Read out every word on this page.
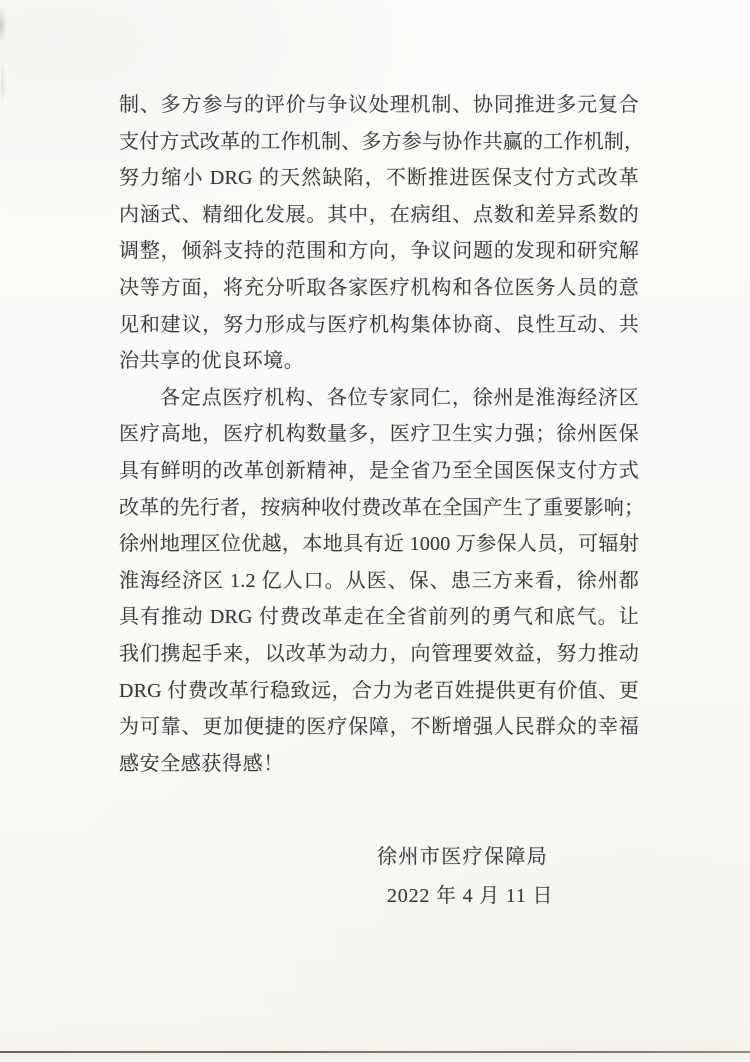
制、多方参与的评价与争议处理机制、协同推进多元复合
支付方式改革的工作机制、多方参与协作共赢的工作机制，
努力缩小 DRG 的天然缺陷，不断推进医保支付方式改革
内涵式、精细化发展。其中，在病组、点数和差异系数的
调整，倾斜支持的范围和方向，争议问题的发现和研究解
决等方面，将充分听取各家医疗机构和各位医务人员的意
见和建议，努力形成与医疗机构集体协商、良性互动、共
治共享的优良环境。
各定点医疗机构、各位专家同仁，徐州是淮海经济区
医疗高地，医疗机构数量多，医疗卫生实力强；徐州医保
具有鲜明的改革创新精神，是全省乃至全国医保支付方式
改革的先行者，按病种收付费改革在全国产生了重要影响；
徐州地理区位优越，本地具有近 1000 万参保人员，可辐射
淮海经济区 1.2 亿人口。从医、保、患三方来看，徐州都
具有推动 DRG 付费改革走在全省前列的勇气和底气。让
我们携起手来，以改革为动力，向管理要效益，努力推动
DRG 付费改革行稳致远，合力为老百姓提供更有价值、更
为可靠、更加便捷的医疗保障，不断增强人民群众的幸福
感安全感获得感！
徐州市医疗保障局
2022 年 4 月 11 日
